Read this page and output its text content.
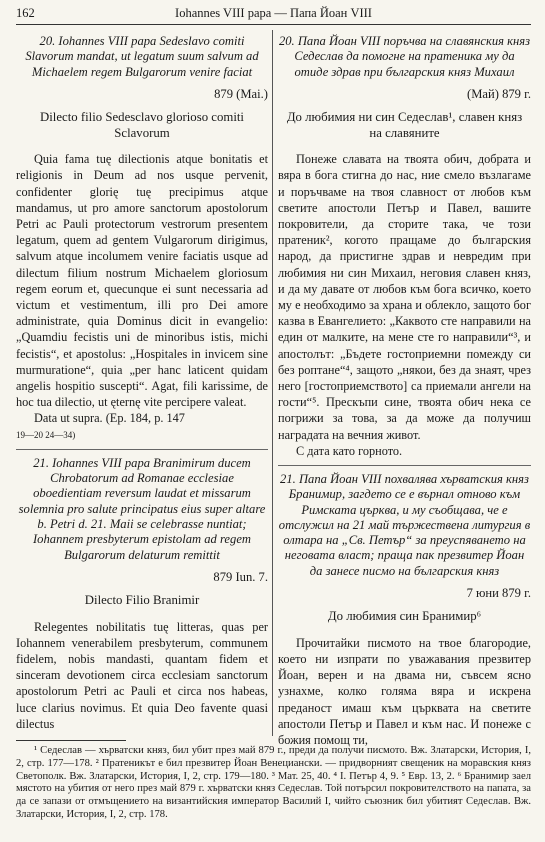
162	Iohannes VIII papa — Папа Йоан VIII

20. Iohannes VIII papa Sedeslavo comiti Slavorum mandat, ut legatum suum salvum ad Michaelem regem Bulgarorum venire faciat

879 (Mai.)

Dilecto filio Sedesclavo glorioso comiti Sclavorum

Quia fama tuę dilectionis atque bonitatis et religionis in Deum ad nos usque pervenit, confidenter glorię tuę precipimus atque mandamus, ut pro amore sanctorum apostolorum Petri ac Pauli protectorum vestrorum presentem legatum, quem ad gentem Vulgarorum dirigimus, salvum atque incolumem venire faciatis usque ad dilectum filium nostrum Michaelem gloriosum regem eorum et, quecunque ei sunt necessaria ad victum et vestimentum, illi pro Dei amore administrate, quia Dominus dicit in evangelio: „Quamdiu fecistis uni de minoribus istis, michi fecistis“, et apostolus: „Hospitales in invicem sine murmuratione“, quia „per hanc laticent quidam angelis hospitio suscepti“. Agat, fili karissime, de hoc tua dilectio, ut ęternę vite percipere valeat.

Data ut supra. (Ep. 184, p. 147

19—20 24—34)

21. Iohannes VIII papa Branimirum ducem Chrobatorum ad Romanae ecclesiae oboedientiam reversum laudat et missarum solemnia pro salute principatus eius super altare b. Petri d. 21. Maii se celebrasse nuntiat; Iohannem presbyterum epistolam ad regem Bulgarorum delaturum remittit

879 Iun. 7.

Dilecto Filio Branimir

Relegentes nobilitatis tuę litteras, quas per Iohannem venerabilem presbyterum, communem fidelem, nobis mandasti, quantam fidem et sinceram devotionem circa ecclesiam sanctorum apostolorum Petri ac Pauli et circa nos habeas, luce clarius novimus. Et quia Deo favente quasi dilectus

20. Папа Йоан VIII поръчва на славянския княз Седеслав да помогне на пратеника му да отиде здрав при българския княз Михаил

(Май) 879 г.

До любимия ни син Седеслав¹, славен княз на славяните

Понеже славата на твоята обич, добрата и вяра в бога стигна до нас, ние смело възлагаме и поръчваме на твоя славност от любов към светите апостоли Петър и Павел, вашите покровители, да сторите така, че този пратеник², когото пращаме до българския народ, да пристигне здрав и невредим при любимия ни син Михаил, неговия славен княз, и да му давате от любов към бога всичко, което му е необходимо за храна и облекло, защото бог казва в Евангелието: „Каквото сте направили на един от малките, на мене сте го направили“³, и апостолът: „Бъдете гостоприемни помежду си без роптане“⁴, защото „някои, без да знаят, чрез него [гостоприемството] са приемали ангели на гости“⁵. Прескъпи сине, твоята обич нека се погрижи за това, за да може да получиш наградата на вечния живот.

С дата като горното.

21. Папа Йоан VIII похвалява хърватския княз Бранимир, загдето се е върнал отново към Римската църква, и му съобщава, че е отслужил на 21 май тържествена литургия в олтара на „Св. Петър“ за преуспяването на неговата власт; праща пак презвитер Йоан да занесе писмо на българския княз

7 юни 879 г.

До любимия син Бранимир⁶

Прочитайки писмото на твое благородие, което ни изпрати по уважавания презвитер Йоан, верен и на двама ни, съвсем ясно узнахме, колко голяма вяра и искрена преданост имаш към църквата на светите апостоли Петър и Павел и към нас. И понеже с божия помощ ти,

¹ Седеслав — хърватски княз, бил убит през май 879 г., преди да получи писмото. Вж. Златарски, История, I, 2, стр. 177—178. ² Пратеникът е бил презвитер Йоан Венециански. — придворният свещеник на моравския княз Светополк. Вж. Златарски, История, I, 2, стр. 179—180. ³ Мат. 25, 40. ⁴ I. Петър 4, 9. ⁵ Евр. 13, 2. ⁶ Бранимир заел мястото на убития от него през май 879 г. хърватски княз Седеслав. Той потърсил покровителството на папата, за да се запази от отмъщението на византийския император Василий I, чийто съюзник бил убитият Седеслав. Вж. Златарски, История, I, 2, стр. 178.
